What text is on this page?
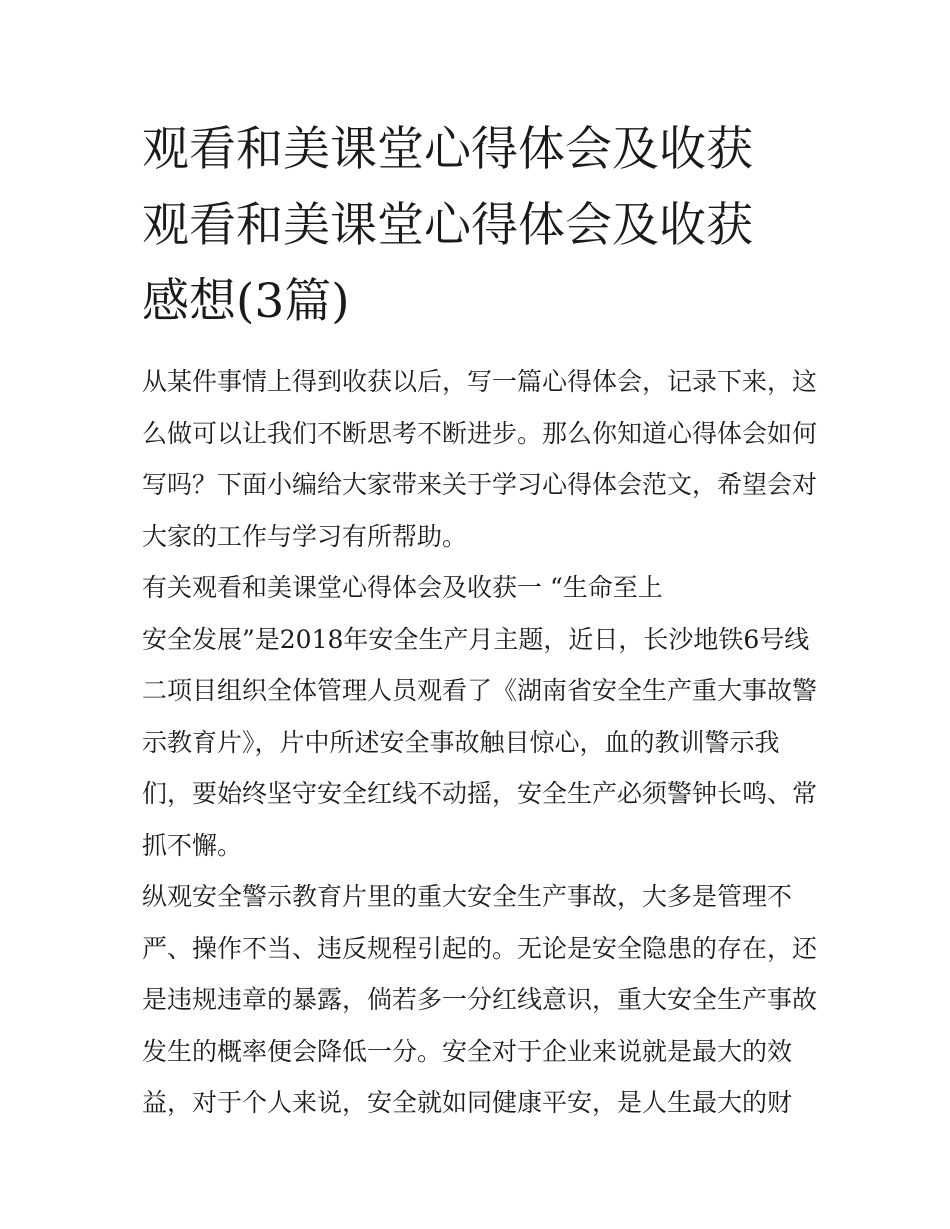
观看和美课堂心得体会及收获
观看和美课堂心得体会及收获
感想(3篇)
从某件事情上得到收获以后，写一篇心得体会，记录下来，这
么做可以让我们不断思考不断进步。那么你知道心得体会如何
写吗？下面小编给大家带来关于学习心得体会范文，希望会对
大家的工作与学习有所帮助。
有关观看和美课堂心得体会及收获一 “生命至上
安全发展”是2018年安全生产月主题，近日，长沙地铁6号线
二项目组织全体管理人员观看了《湖南省安全生产重大事故警
示教育片》，片中所述安全事故触目惊心，血的教训警示我
们，要始终坚守安全红线不动摇，安全生产必须警钟长鸣、常
抓不懈。
纵观安全警示教育片里的重大安全生产事故，大多是管理不
严、操作不当、违反规程引起的。无论是安全隐患的存在，还
是违规违章的暴露，倘若多一分红线意识，重大安全生产事故
发生的概率便会降低一分。安全对于企业来说就是最大的效
益，对于个人来说，安全就如同健康平安，是人生最大的财
